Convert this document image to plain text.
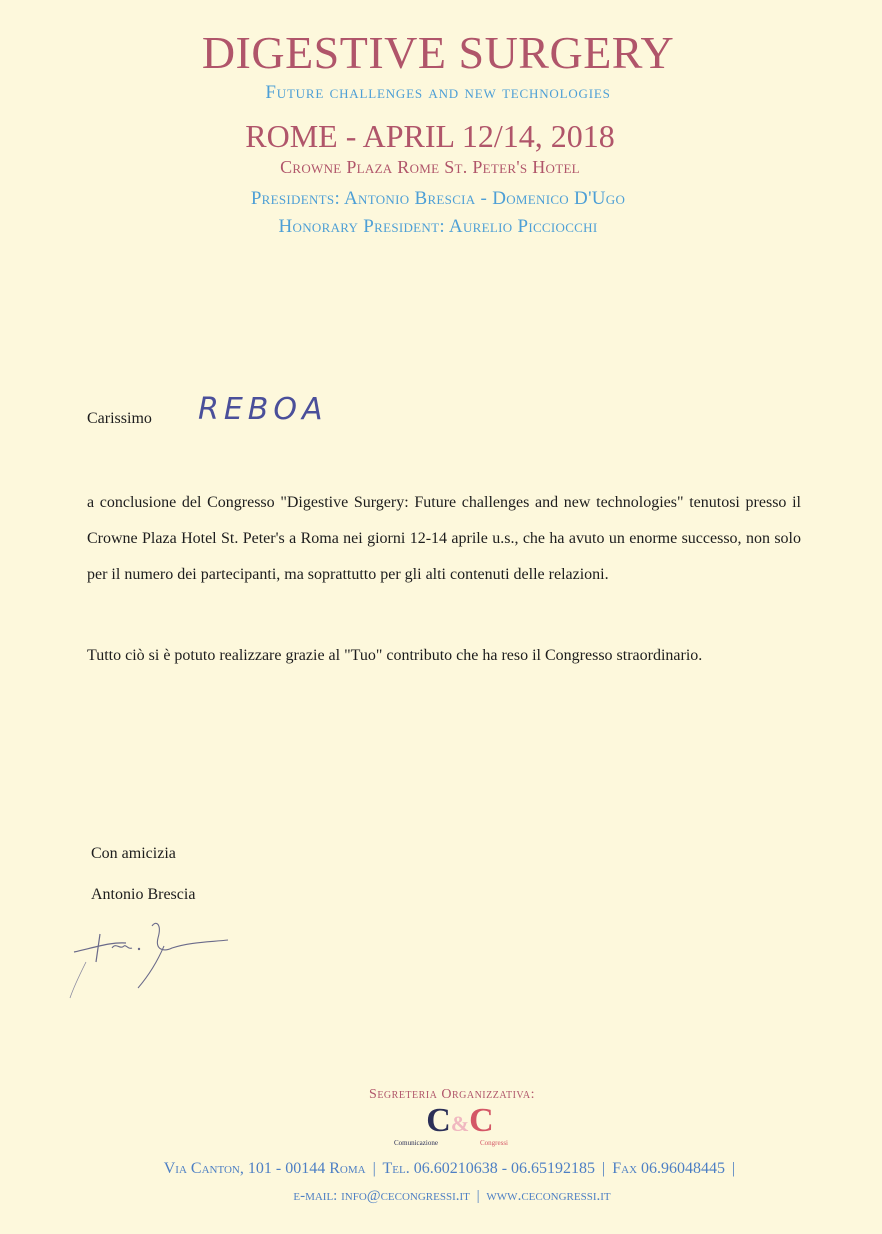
DIGESTIVE SURGERY
Future challenges and new technologies
ROME - APRIL 12/14, 2018
Crowne Plaza Rome St. Peter's Hotel
Presidents: Antonio Brescia - Domenico D'Ugo
Honorary President: Aurelio Picciocchi
Carissimo REBOA

a conclusione del Congresso "Digestive Surgery: Future challenges and new technologies" tenutosi presso il Crowne Plaza Hotel St. Peter's a Roma nei giorni 12-14 aprile u.s., che ha avuto un enorme successo, non solo per il numero dei partecipanti, ma soprattutto per gli alti contenuti delle relazioni.

Tutto ciò si è potuto realizzare grazie al "Tuo" contributo che ha reso il Congresso straordinario.

Con amicizia
Antonio Brescia
Segreteria Organizzativa:
C&C
Comunicazione	Congressi
Via Canton, 101 - 00144 Roma | Tel. 06.60210638 - 06.65192185 | Fax 06.96048445 |
e-mail: info@cecongressi.it | www.cecongressi.it
